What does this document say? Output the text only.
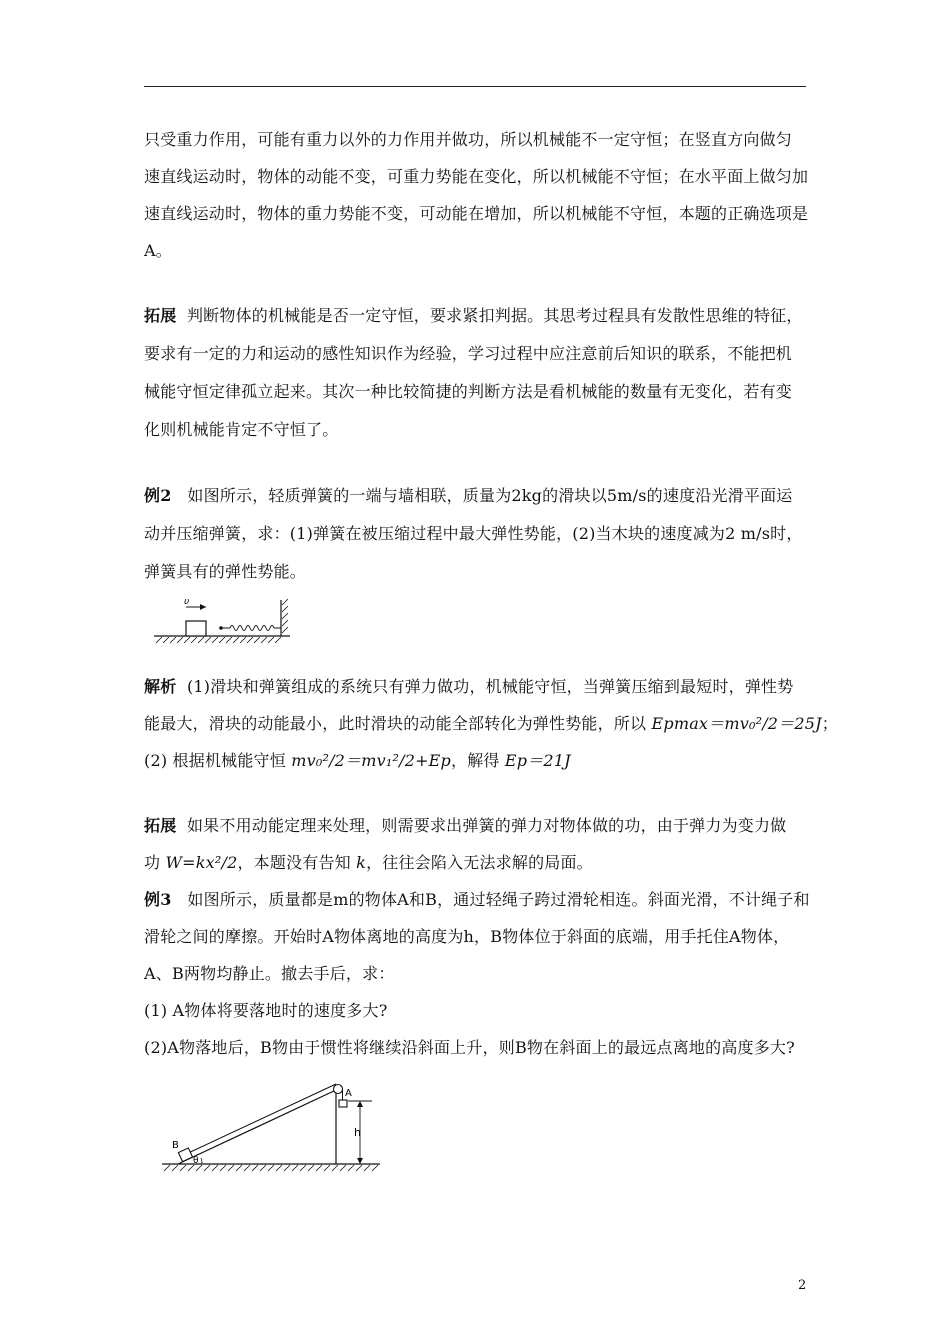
只受重力作用，可能有重力以外的力作用并做功，所以机械能不一定守恒；在竖直方向做匀
速直线运动时，物体的动能不变，可重力势能在变化，所以机械能不守恒；在水平面上做匀加
速直线运动时，物体的重力势能不变，可动能在增加，所以机械能不守恒，本题的正确选项是
A。
拓展 判断物体的机械能是否一定守恒，要求紧扣判据。其思考过程具有发散性思维的特征，
要求有一定的力和运动的感性知识作为经验，学习过程中应注意前后知识的联系，不能把机
械能守恒定律孤立起来。其次一种比较简捷的判断方法是看机械能的数量有无变化，若有变
化则机械能肯定不守恒了。
例2 如图所示，轻质弹簧的一端与墙相联，质量为2kg的滑块以5m/s的速度沿光滑平面运
动并压缩弹簧，求：(1)弹簧在被压缩过程中最大弹性势能，(2)当木块的速度减为2 m/s时，
弹簧具有的弹性势能。
υ
解析 (1)滑块和弹簧组成的系统只有弹力做功，机械能守恒，当弹簧压缩到最短时，弹性势
能最大，滑块的动能最小，此时滑块的动能全部转化为弹性势能，所以 Epmax＝mv₀²/2＝25J；
(2) 根据机械能守恒 mv₀²/2＝mv₁²/2+Ep，解得 Ep＝21J
拓展 如果不用动能定理来处理，则需要求出弹簧的弹力对物体做的功，由于弹力为变力做
功 W=kx²/2，本题没有告知 k，往往会陷入无法求解的局面。
例3 如图所示，质量都是m的物体A和B，通过轻绳子跨过滑轮相连。斜面光滑，不计绳子和
滑轮之间的摩擦。开始时A物体离地的高度为h，B物体位于斜面的底端，用手托住A物体，
A、B两物均静止。撤去手后，求：
(1) A物体将要落地时的速度多大?
(2)A物落地后，B物由于惯性将继续沿斜面上升，则B物在斜面上的最远点离地的高度多大?
A
B
h
θ
2
